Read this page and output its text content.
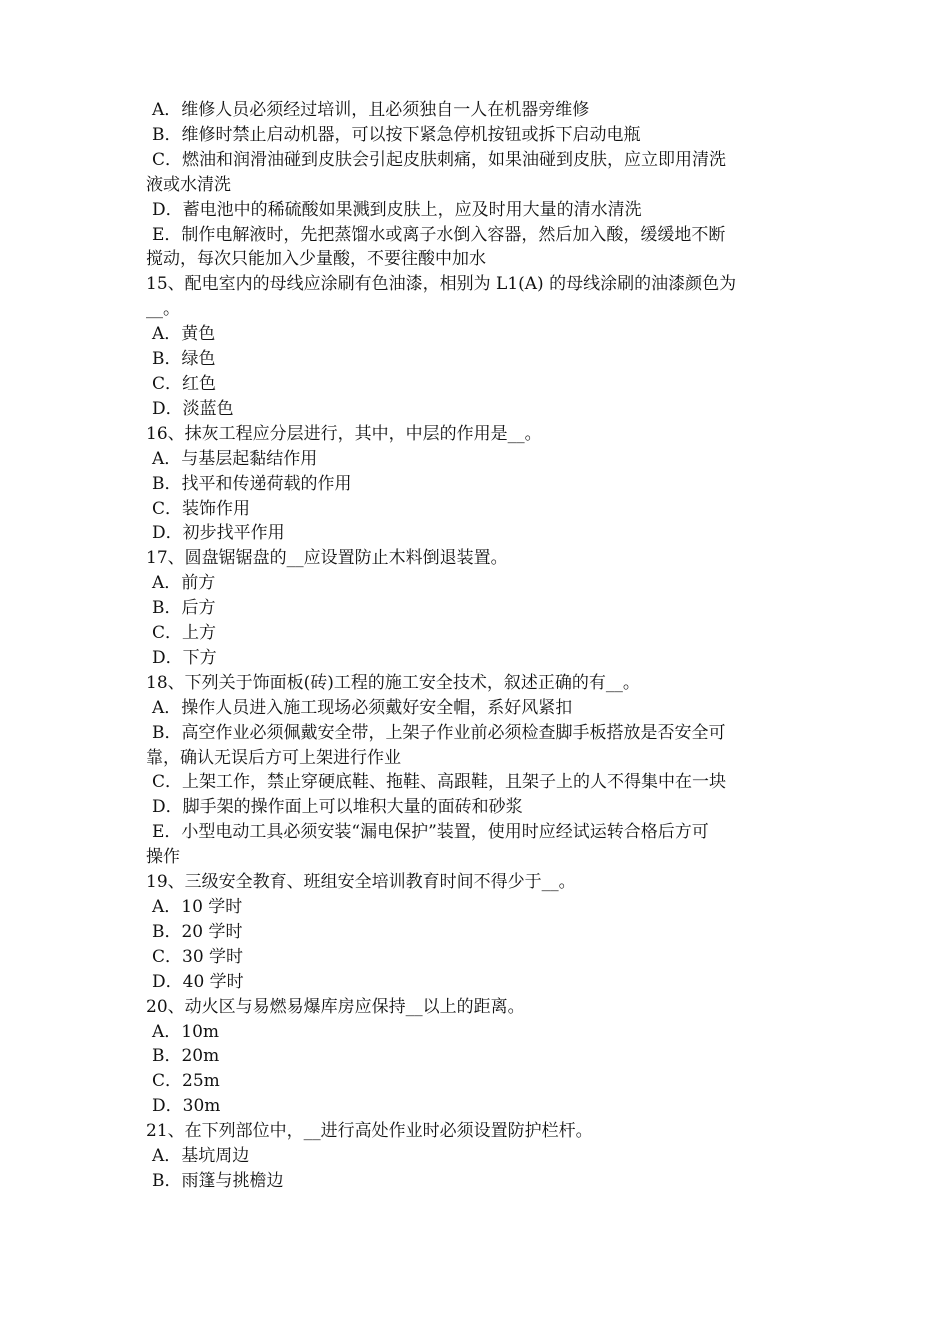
A．维修人员必须经过培训，且必须独自一人在机器旁维修
B．维修时禁止启动机器，可以按下紧急停机按钮或拆下启动电瓶
C．燃油和润滑油碰到皮肤会引起皮肤刺痛，如果油碰到皮肤，应立即用清洗
液或水清洗
D．蓄电池中的稀硫酸如果溅到皮肤上，应及时用大量的清水清洗
E．制作电解液时，先把蒸馏水或离子水倒入容器，然后加入酸，缓缓地不断
搅动，每次只能加入少量酸，不要往酸中加水
15、配电室内的母线应涂刷有色油漆，相别为 L1(A) 的母线涂刷的油漆颜色为
__。
A．黄色
B．绿色
C．红色
D．淡蓝色
16、抹灰工程应分层进行，其中，中层的作用是__。
A．与基层起黏结作用
B．找平和传递荷载的作用
C．装饰作用
D．初步找平作用
17、圆盘锯锯盘的__应设置防止木料倒退装置。
A．前方
B．后方
C．上方
D．下方
18、下列关于饰面板(砖)工程的施工安全技术，叙述正确的有__。
A．操作人员进入施工现场必须戴好安全帽，系好风紧扣
B．高空作业必须佩戴安全带，上架子作业前必须检查脚手板搭放是否安全可
靠，确认无误后方可上架进行作业
C．上架工作，禁止穿硬底鞋、拖鞋、高跟鞋，且架子上的人不得集中在一块
D．脚手架的操作面上可以堆积大量的面砖和砂浆
E．小型电动工具必须安装“漏电保护”装置，使用时应经试运转合格后方可
操作
19、三级安全教育、班组安全培训教育时间不得少于__。
A．10 学时
B．20 学时
C．30 学时
D．40 学时
20、动火区与易燃易爆库房应保持__以上的距离。
A．10m
B．20m
C．25m
D．30m
21、在下列部位中，__进行高处作业时必须设置防护栏杆。
A．基坑周边
B．雨篷与挑檐边
